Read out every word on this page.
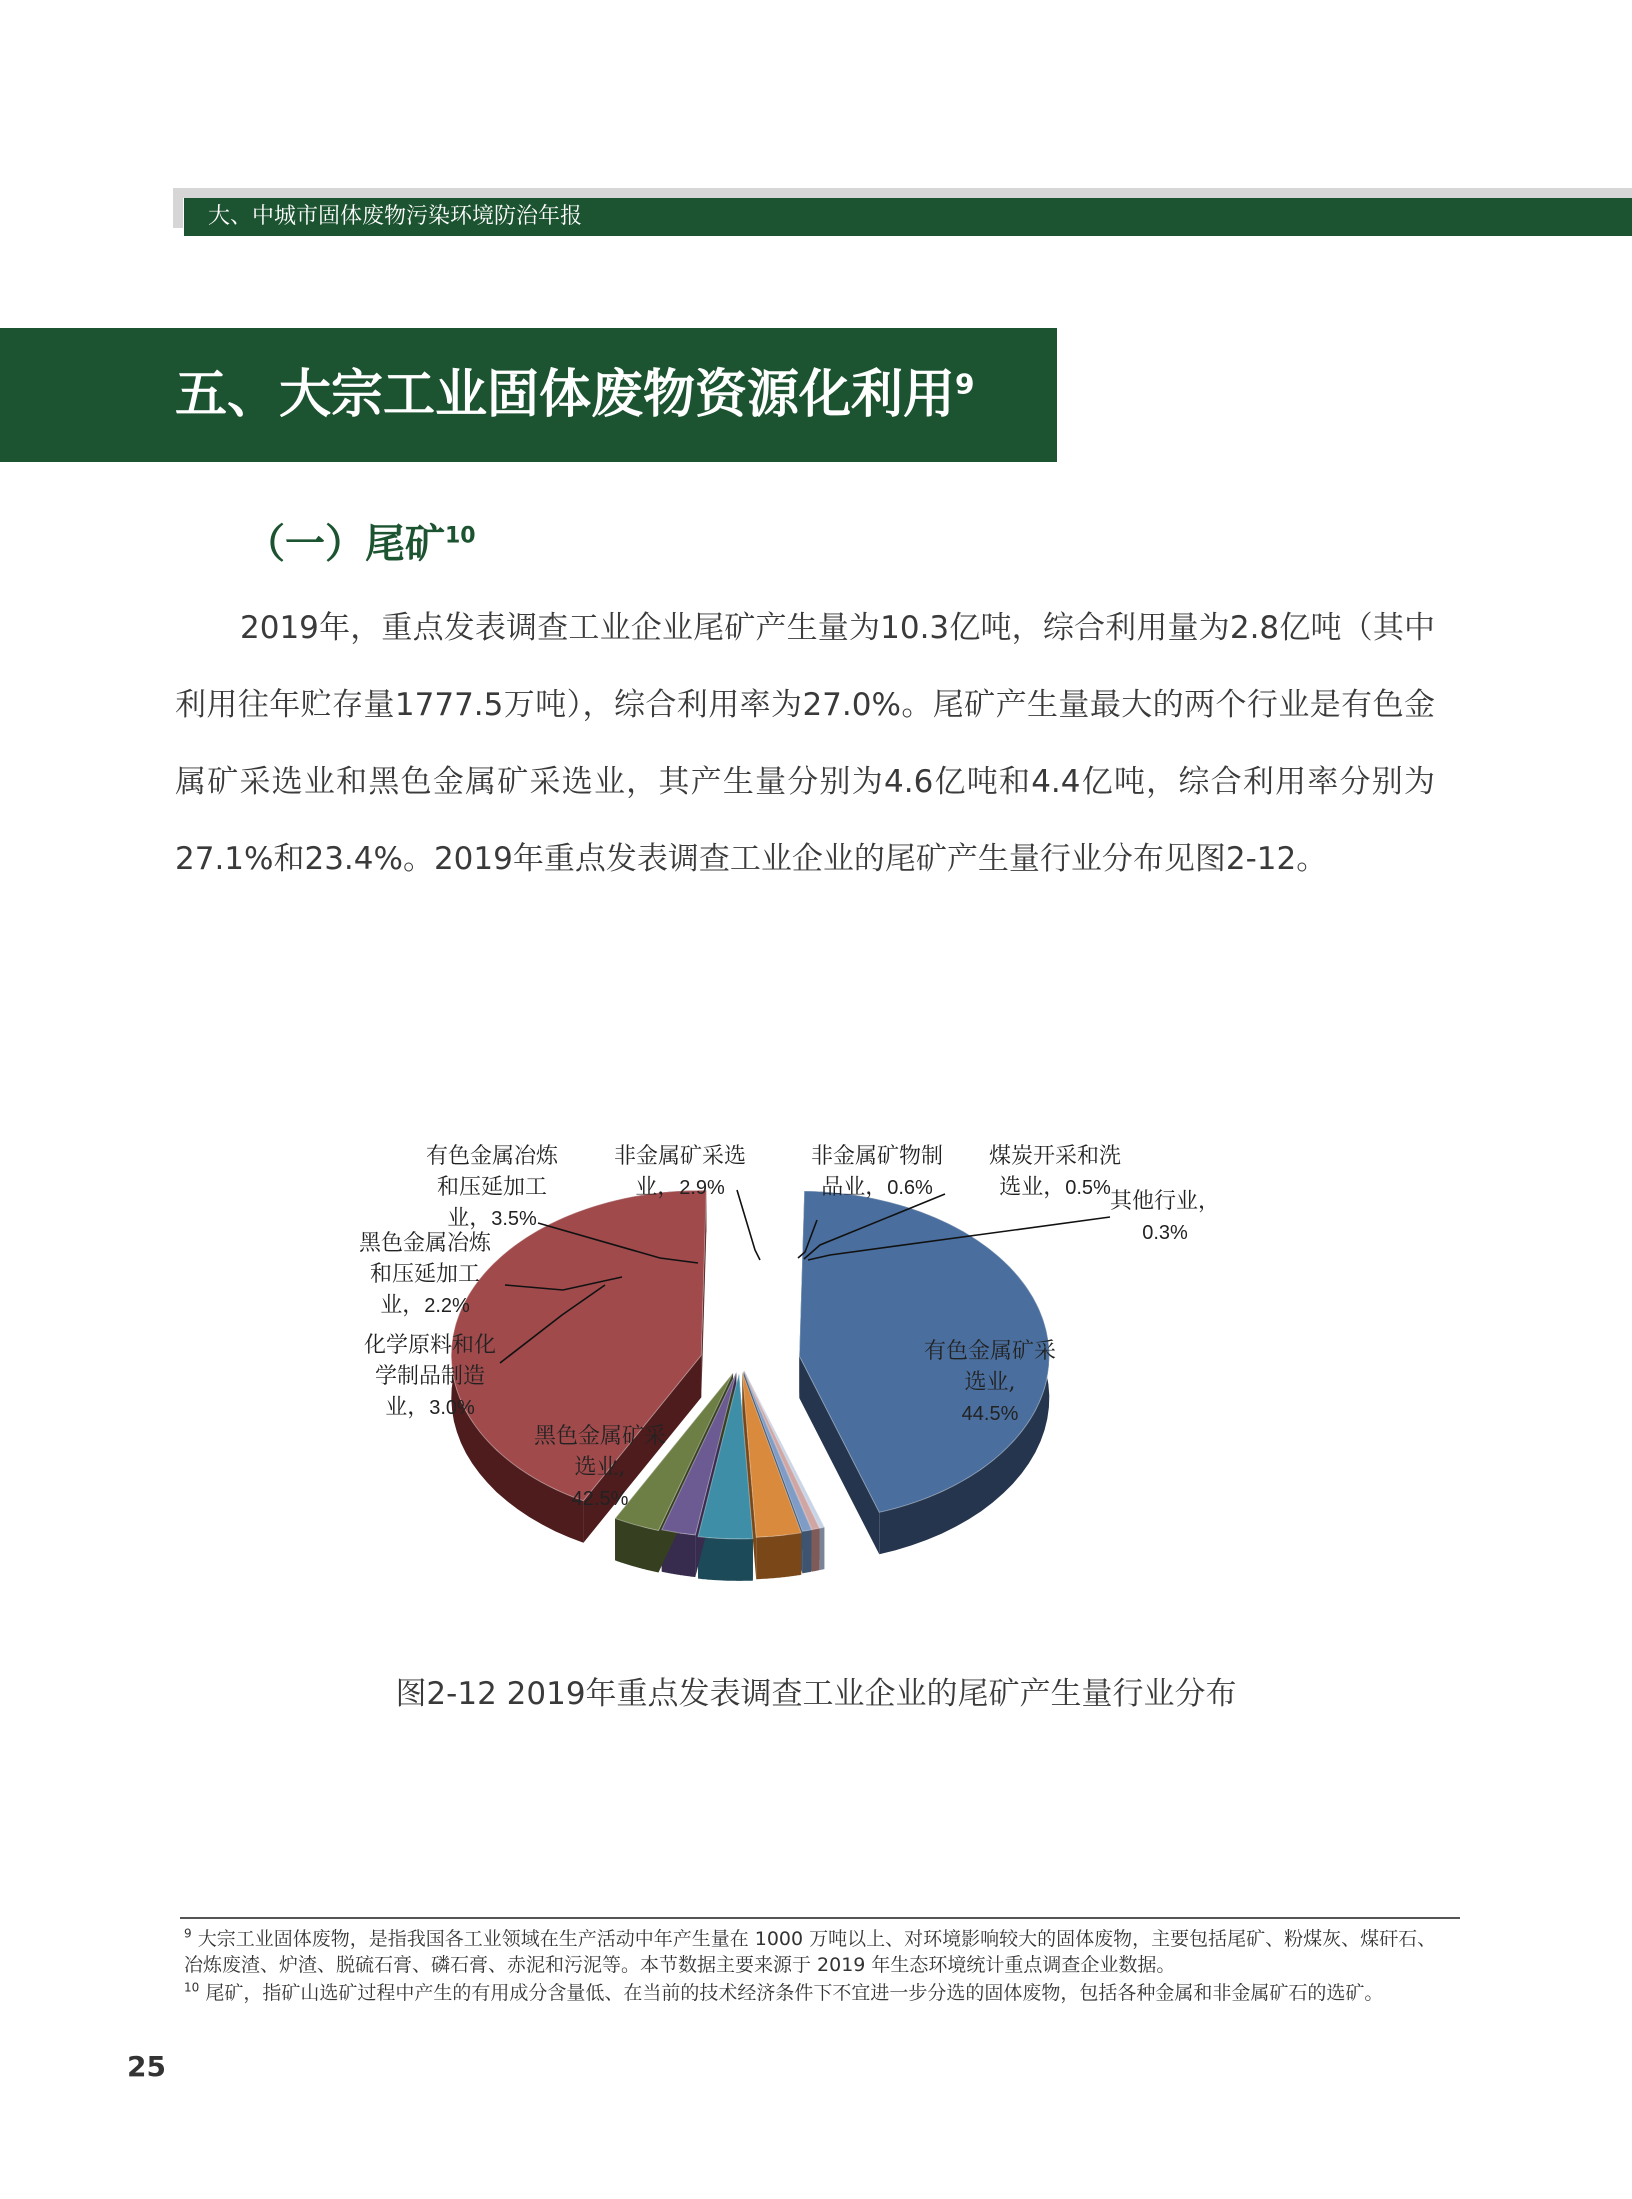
大、中城市固体废物污染环境防治年报
五、大宗工业固体废物资源化利用$^9$
（一）尾矿$^{10}$
2019年，重点发表调查工业企业尾矿产生量为10.3亿吨，综合利用量为2.8亿吨（其中利用往年贮存量1777.5万吨），综合利用率为27.0%。尾矿产生量最大的两个行业是有色金属矿采选业和黑色金属矿采选业，其产生量分别为4.6亿吨和4.4亿吨，综合利用率分别为27.1%和23.4%。2019年重点发表调查工业企业的尾矿产生量行业分布见图2-12。
有色金属矿采
选业,
44.5%
黑色金属矿采
选业,
42.5%
化学原料和化
学制品制造
业，3.0%
黑色金属冶炼
和压延加工
业，2.2%
有色金属冶炼
和压延加工
业，3.5%
非金属矿采选
业，2.9%
非金属矿物制
品业，0.6%
煤炭开采和洗
选业，0.5%
其他行业，
0.3%
图2-12 2019年重点发表调查工业企业的尾矿产生量行业分布
$^9$ 大宗工业固体废物，是指我国各工业领域在生产活动中年产生量在 1000 万吨以上、对环境影响较大的固体废物，主要包括尾矿、粉煤灰、煤矸石、冶炼废渣、炉渣、脱硫石膏、磷石膏、赤泥和污泥等。本节数据主要来源于 2019 年生态环境统计重点调查企业数据。
$^{10}$ 尾矿，指矿山选矿过程中产生的有用成分含量低、在当前的技术经济条件下不宜进一步分选的固体废物，包括各种金属和非金属矿石的选矿。
25
